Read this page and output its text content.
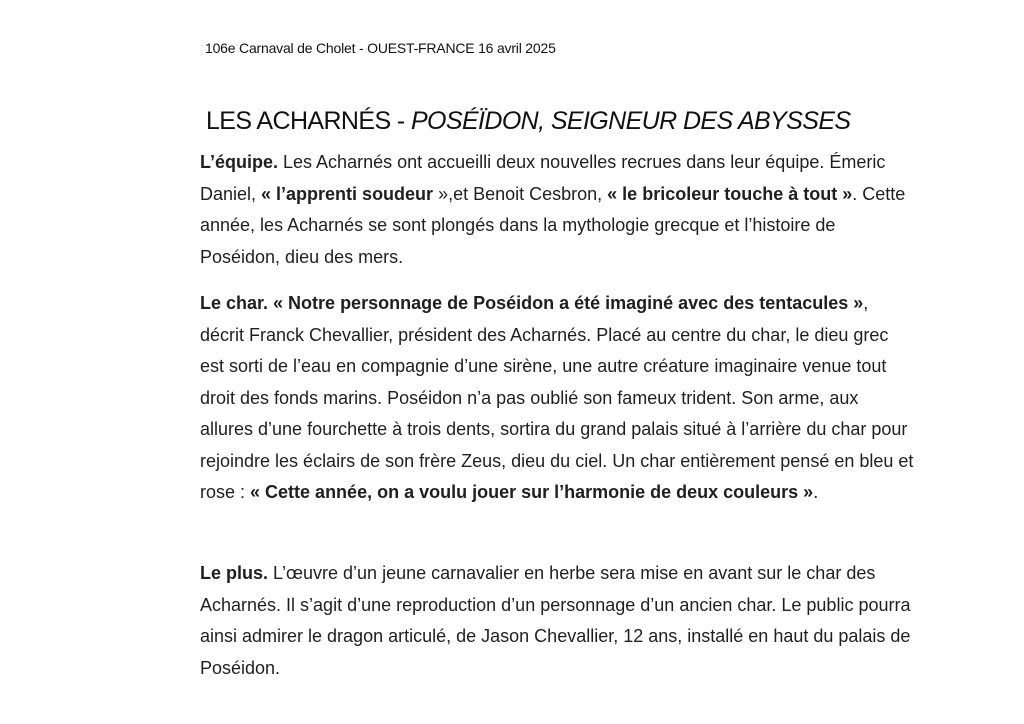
106e Carnaval de Cholet - OUEST-FRANCE 16 avril 2025
LES ACHARNÉS - POSÉÏDON, SEIGNEUR DES ABYSSES

L’équipe. Les Acharnés ont accueilli deux nouvelles recrues dans leur équipe. Émeric Daniel, « l’apprenti soudeur »,et Benoit Cesbron, « le bricoleur touche à tout ». Cette année, les Acharnés se sont plongés dans la mythologie grecque et l’histoire de Poséidon, dieu des mers.

Le char. « Notre personnage de Poséidon a été imaginé avec des tentacules », décrit Franck Chevallier, président des Acharnés. Placé au centre du char, le dieu grec est sorti de l’eau en compagnie d’une sirène, une autre créature imaginaire venue tout droit des fonds marins. Poséidon n’a pas oublié son fameux trident. Son arme, aux allures d’une fourchette à trois dents, sortira du grand palais situé à l’arrière du char pour rejoindre les éclairs de son frère Zeus, dieu du ciel. Un char entièrement pensé en bleu et rose : « Cette année, on a voulu jouer sur l’harmonie de deux couleurs ».

Le plus. L’œuvre d’un jeune carnavalier en herbe sera mise en avant sur le char des Acharnés. Il s’agit d’une reproduction d’un personnage d’un ancien char. Le public pourra ainsi admirer le dragon articulé, de Jason Chevallier, 12 ans, installé en haut du palais de Poséidon.
